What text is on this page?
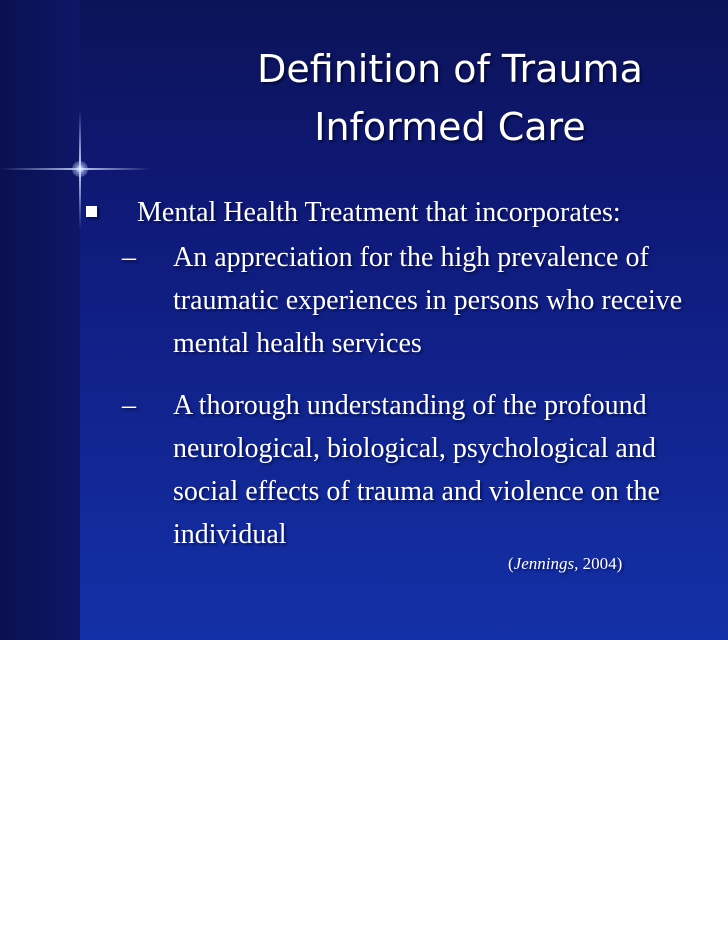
Definition of Trauma
Informed Care
Mental Health Treatment that incorporates:
– An appreciation for the high prevalence of
traumatic experiences in persons who receive
mental health services
– A thorough understanding of the profound
neurological, biological, psychological and
social effects of trauma and violence on the
individual
(Jennings, 2004)
